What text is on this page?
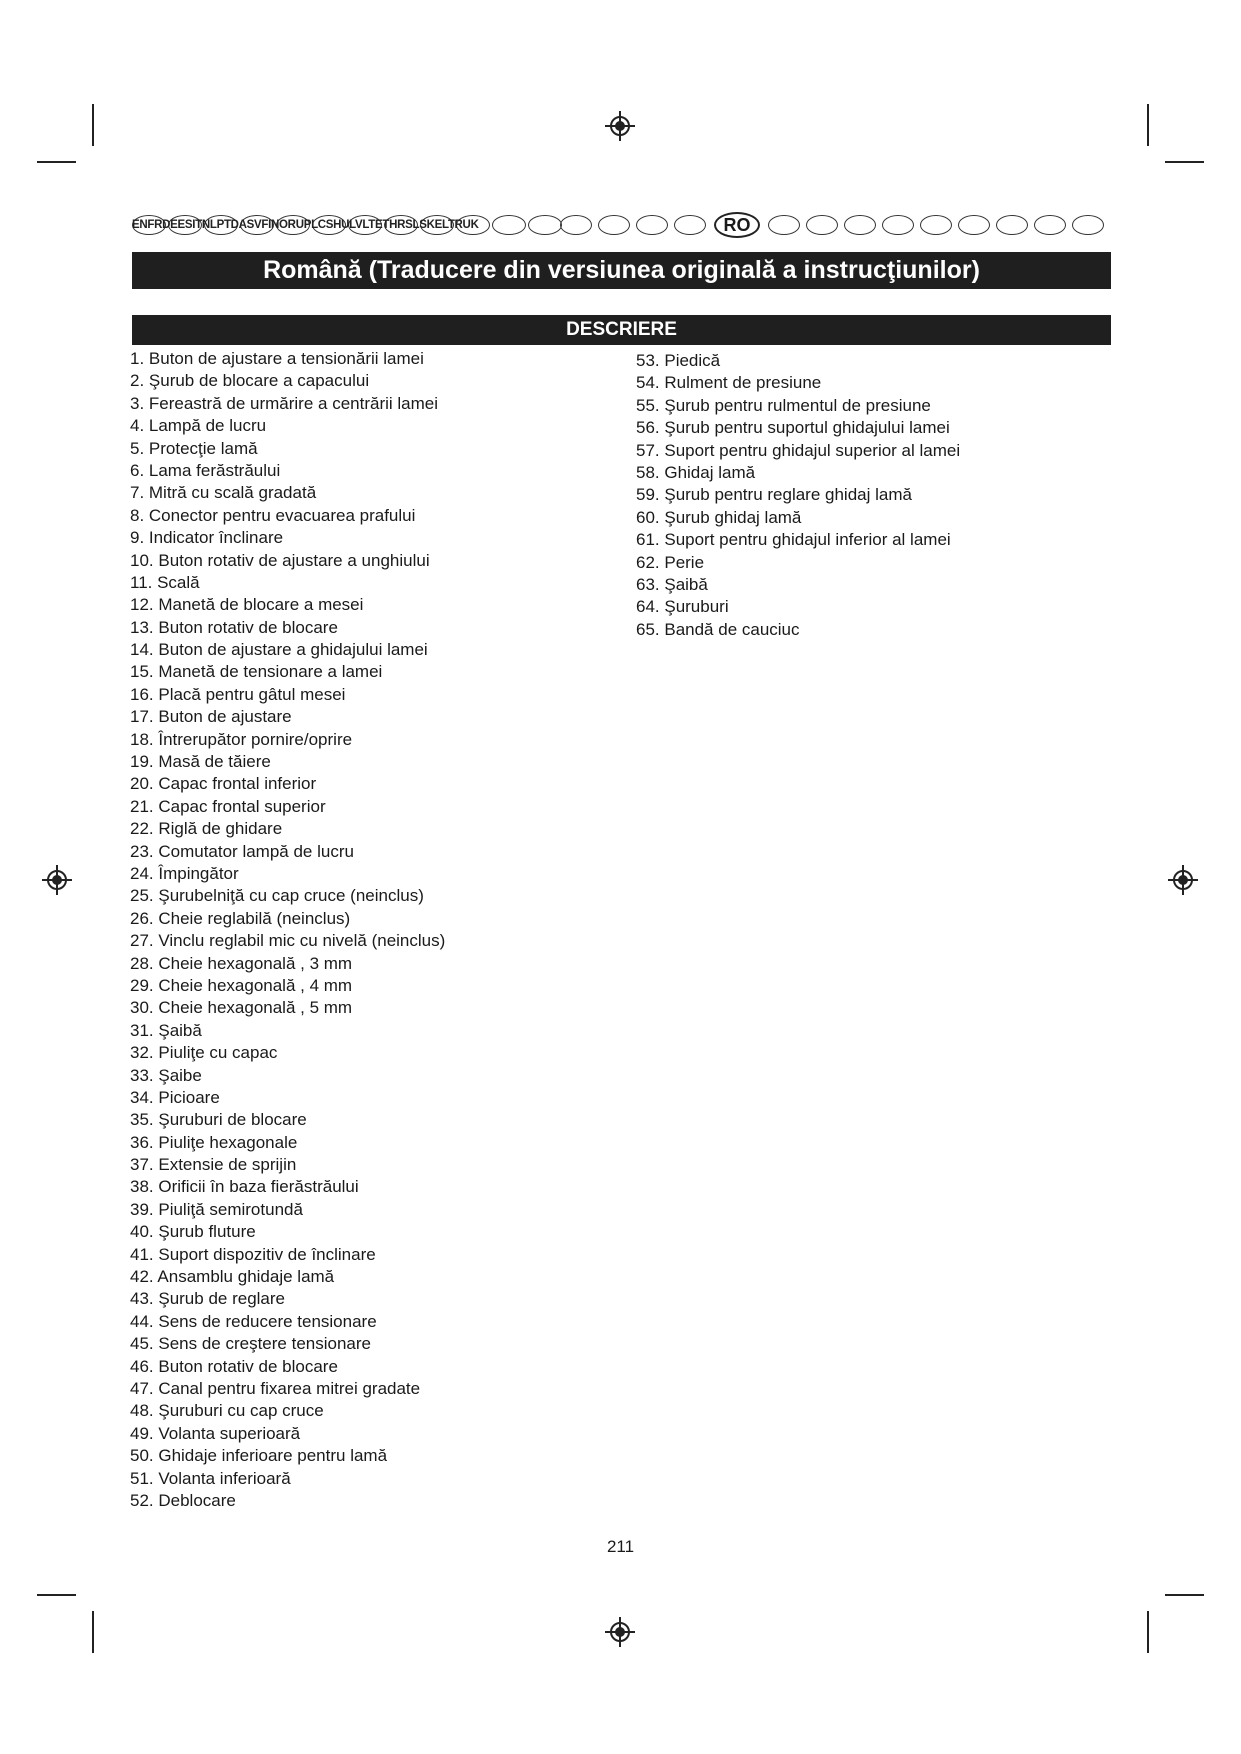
ENFRDEESITNLPTDASVFINORUPLCSHULVLTETHRSLSKELTRUK	RO
Română (Traducere din versiunea originală a instrucţiunilor)
DESCRIERE
1. Buton de ajustare a tensionării lamei
2. Şurub de blocare a capacului
3. Fereastră de urmărire a centrării lamei
4. Lampă de lucru
5. Protecţie lamă
6. Lama ferăstrăului
7. Mitră cu scală gradată
8. Conector pentru evacuarea prafului
9. Indicator înclinare
10. Buton rotativ de ajustare a unghiului
11. Scală
12. Manetă de blocare a mesei
13. Buton rotativ de blocare
14. Buton de ajustare a ghidajului lamei
15. Manetă de tensionare a lamei
16. Placă pentru gâtul mesei
17. Buton de ajustare
18. Întrerupător pornire/oprire
19. Masă de tăiere
20. Capac frontal inferior
21. Capac frontal superior
22. Riglă de ghidare
23. Comutator lampă de lucru
24. Împingător
25. Şurubelniţă cu cap cruce (neinclus)
26. Cheie reglabilă (neinclus)
27. Vinclu reglabil mic cu nivelă (neinclus)
28. Cheie hexagonală , 3 mm
29. Cheie hexagonală , 4 mm
30. Cheie hexagonală , 5 mm
31. Şaibă
32. Piuliţe cu capac
33. Şaibe
34. Picioare
35. Şuruburi de blocare
36. Piuliţe hexagonale
37. Extensie de sprijin
38. Orificii în baza fierăstrăului
39. Piuliţă semirotundă
40. Şurub fluture
41. Suport dispozitiv de înclinare
42. Ansamblu ghidaje lamă
43. Şurub de reglare
44. Sens de reducere tensionare
45. Sens de creştere tensionare
46. Buton rotativ de blocare
47. Canal pentru fixarea mitrei gradate
48. Şuruburi cu cap cruce
49. Volanta superioară
50. Ghidaje inferioare pentru lamă
51. Volanta inferioară
52. Deblocare
53. Piedică
54. Rulment de presiune
55. Şurub pentru rulmentul de presiune
56. Şurub pentru suportul ghidajului lamei
57. Suport pentru ghidajul superior al lamei
58. Ghidaj lamă
59. Şurub pentru reglare ghidaj lamă
60. Şurub ghidaj lamă
61. Suport pentru ghidajul inferior al lamei
62. Perie
63. Şaibă
64. Şuruburi
65. Bandă de cauciuc
211
